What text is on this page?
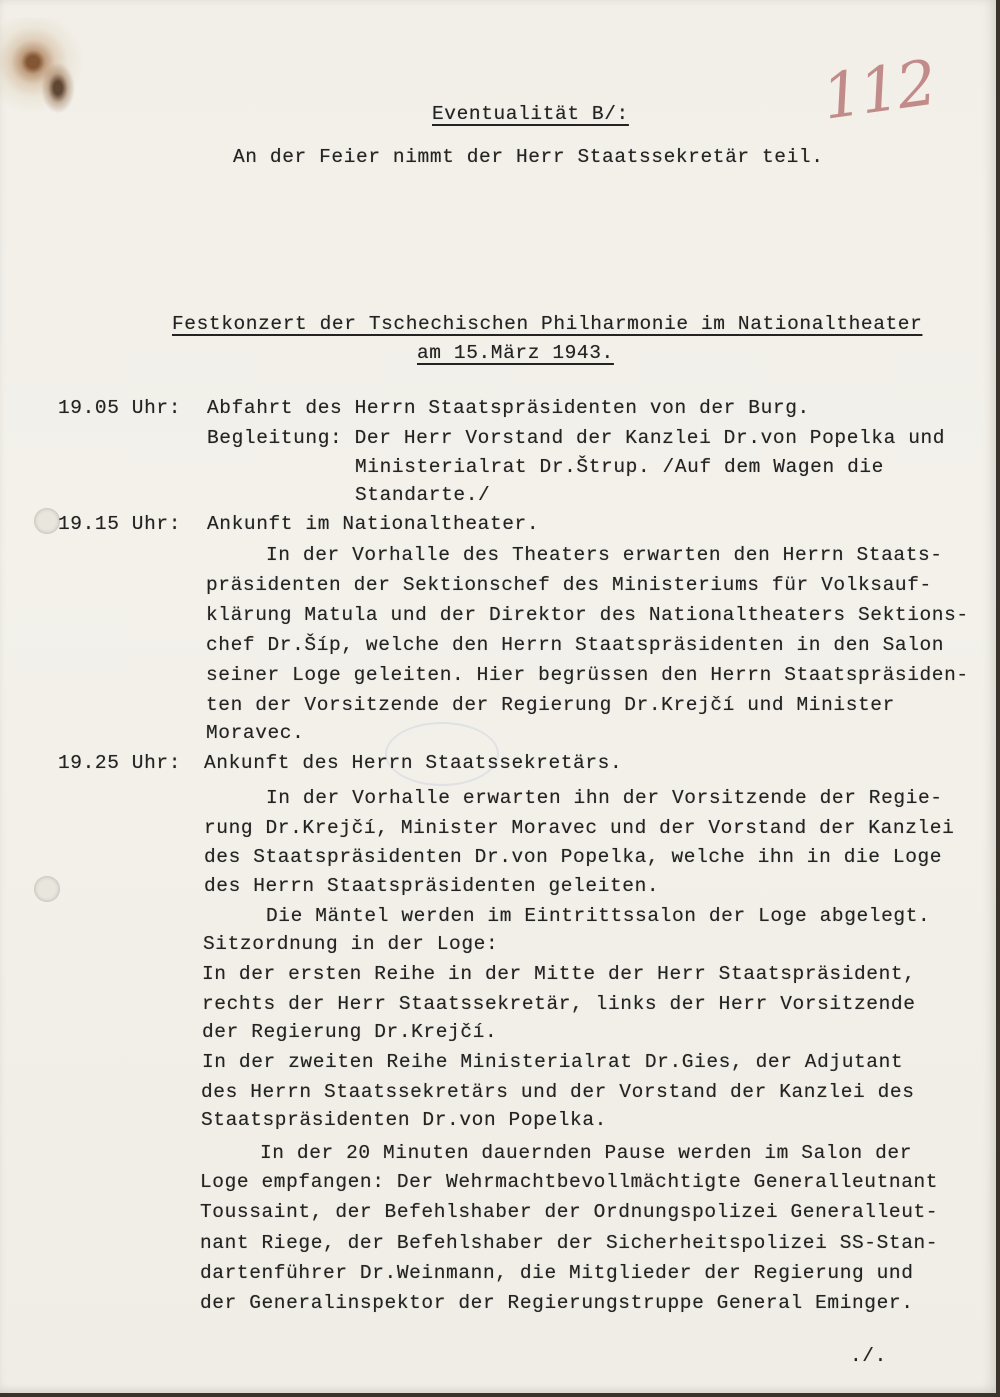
112
Eventualität B/:
An der Feier nimmt der Herr Staatssekretär teil.
Festkonzert der Tschechischen Philharmonie im Nationaltheater
am 15.März 1943.
19.05 Uhr: Abfahrt des Herrn Staatspräsidenten von der Burg.
Begleitung: Der Herr Vorstand der Kanzlei Dr.von Popelka und
Ministerialrat Dr.Štrup. /Auf dem Wagen die
Standarte./
19.15 Uhr: Ankunft im Nationaltheater.
In der Vorhalle des Theaters erwarten den Herrn Staats-
präsidenten der Sektionschef des Ministeriums für Volksauf-
klärung Matula und der Direktor des Nationaltheaters Sektions-
chef Dr.Šíp, welche den Herrn Staatspräsidenten in den Salon
seiner Loge geleiten. Hier begrüssen den Herrn Staatspräsiden-
ten der Vorsitzende der Regierung Dr.Krejčí und Minister
Moravec.
19.25 Uhr: Ankunft des Herrn Staatssekretärs.
In der Vorhalle erwarten ihn der Vorsitzende der Regie-
rung Dr.Krejčí, Minister Moravec und der Vorstand der Kanzlei
des Staatspräsidenten Dr.von Popelka, welche ihn in die Loge
des Herrn Staatspräsidenten geleiten.
Die Mäntel werden im Eintrittssalon der Loge abgelegt.
Sitzordnung in der Loge:
In der ersten Reihe in der Mitte der Herr Staatspräsident,
rechts der Herr Staatssekretär, links der Herr Vorsitzende
der Regierung Dr.Krejčí.
In der zweiten Reihe Ministerialrat Dr.Gies, der Adjutant
des Herrn Staatssekretärs und der Vorstand der Kanzlei des
Staatspräsidenten Dr.von Popelka.
In der 20 Minuten dauernden Pause werden im Salon der
Loge empfangen: Der Wehrmachtbevollmächtigte Generalleutnant
Toussaint, der Befehlshaber der Ordnungspolizei Generalleut-
nant Riege, der Befehlshaber der Sicherheitspolizei SS-Stan-
dartenführer Dr.Weinmann, die Mitglieder der Regierung und
der Generalinspektor der Regierungstruppe General Eminger.
./.
